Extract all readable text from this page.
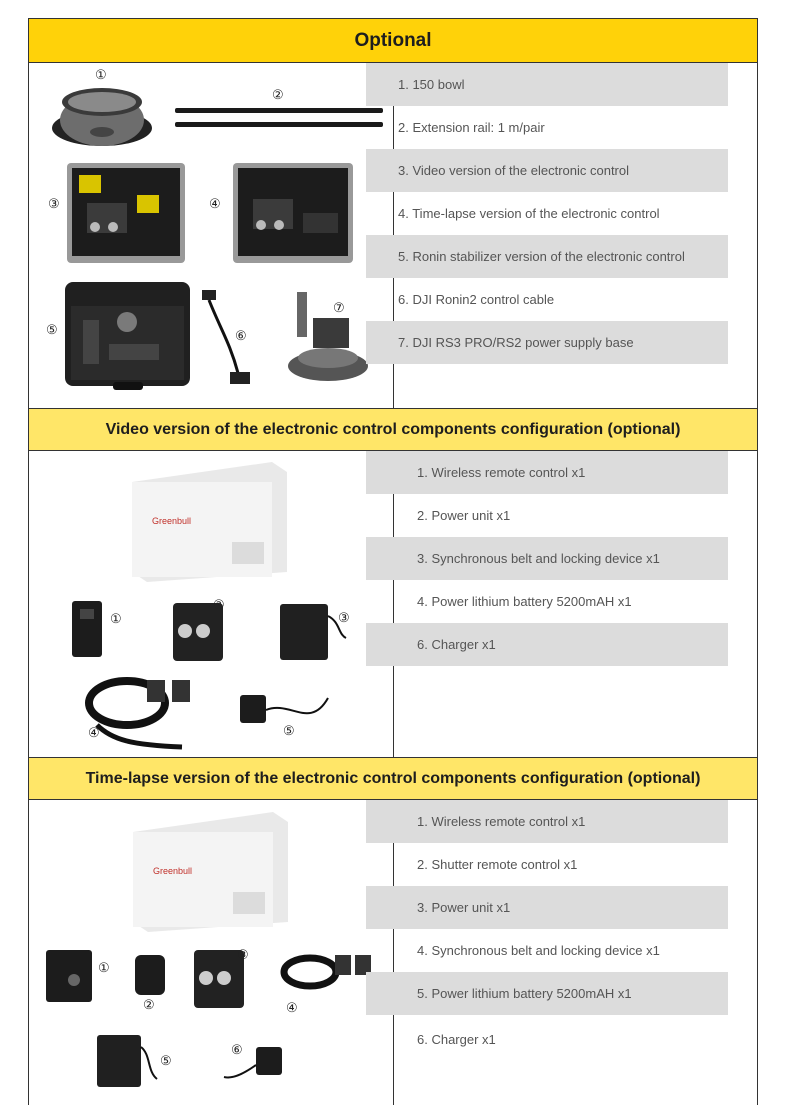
Optional
①
②
③	④
⑤	⑥
⑦
1. 150 bowl
2. Extension rail: 1 m/pair
3. Video version of the electronic control
4. Time-lapse version of the electronic control
5. Ronin stabilizer version of the electronic control
6. DJI Ronin2 control cable
7. DJI RS3 PRO/RS2 power supply base
Video version of the electronic control components configuration (optional)
Greenbull
①
②
③
④	⑤
1. Wireless remote control x1
2. Power unit x1
3. Synchronous belt and locking device x1
4. Power lithium battery 5200mAH x1
6. Charger x1
Time-lapse version of the electronic control components configuration (optional)
Greenbull
①
②
③
④
⑤
⑥
1. Wireless remote control x1
2. Shutter remote control x1
3. Power unit x1
4. Synchronous belt and locking device x1
5. Power lithium battery 5200mAH x1
6. Charger x1
